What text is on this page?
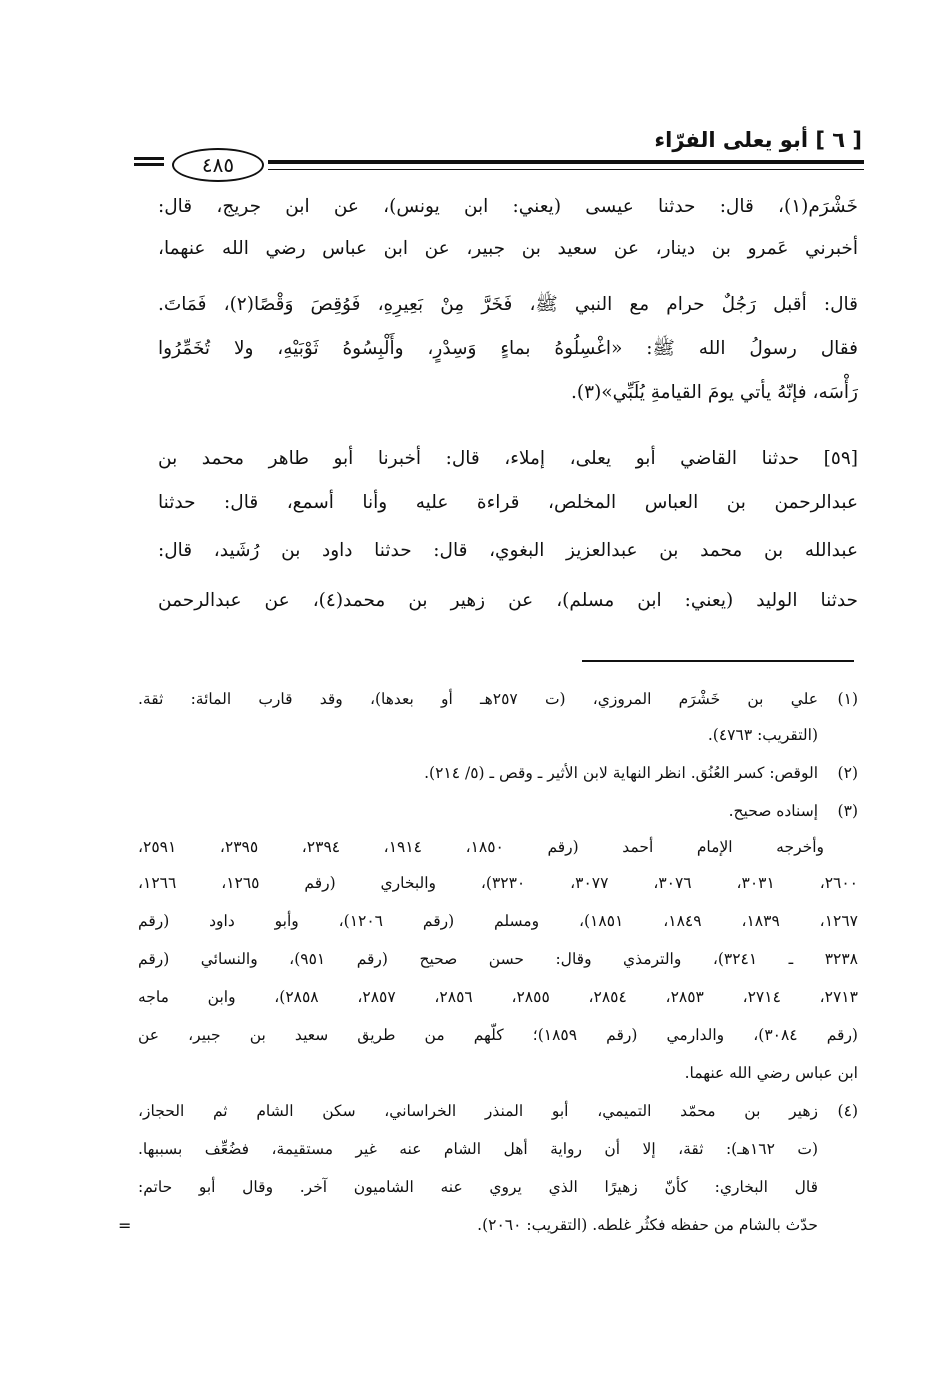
[ ٦ ] أبو يعلى الفرّاء
٤٨٥
خَشْرَم(١)، قال: حدثنا عيسى (يعني: ابن يونس)، عن ابن جريج، قال:
أخبرني عَمرو بن دينار، عن سعيد بن جبير، عن ابن عباس رضي الله عنهما،
قال: أقبل رَجُلٌ حرام مع النبي ﷺ، فَخَرَّ مِنْ بَعِيرِهِ، فَوُقِصَ وَقْصًا(٢)، فَمَاتَ.
فقال رسولُ الله ﷺ: «اغْسِلُوهُ بماءٍ وَسِدْرٍ، وأَلْبِسُوهُ ثَوْبَيْهِ، ولا تُخَمِّرُوا
رَأْسَه، فإنّهُ يأتي يومَ القيامةِ يُلَبِّي»(٣).
[٥٩] حدثنا القاضي أبو يعلى، إملاء، قال: أخبرنا أبو طاهر محمد بن
عبدالرحمن بن العباس المخلص، قراءة عليه وأنا أسمع، قال: حدثنا
عبدالله بن محمد بن عبدالعزيز البغوي، قال: حدثنا داود بن رُشَيد، قال:
حدثنا الوليد (يعني: ابن مسلم)، عن زهير بن محمد(٤)، عن عبدالرحمن
(١)
علي بن خَشْرَم المروزي، (ت ٢٥٧هـ أو بعدها)، وقد قارب المائة: ثقة.
(التقريب: ٤٧٦٣).
(٢)
الوقص: كسر العُنُق. انظر النهاية لابن الأثير ـ وقص ـ (٥/ ٢١٤).
(٣)
إسناده صحيح.
وأخرجه الإمام أحمد (رقم ١٨٥٠، ١٩١٤، ٢٣٩٤، ٢٣٩٥، ٢٥٩١،
٢٦٠٠، ٣٠٣١، ٣٠٧٦، ٣٠٧٧، ٣٢٣٠)، والبخاري (رقم ١٢٦٥، ١٢٦٦،
١٢٦٧، ١٨٣٩، ١٨٤٩، ١٨٥١)، ومسلم (رقم ١٢٠٦)، وأبو داود (رقم
٣٢٣٨ ـ ٣٢٤١)، والترمذي وقال: حسن صحيح (رقم ٩٥١)، والنسائي (رقم
٢٧١٣، ٢٧١٤، ٢٨٥٣، ٢٨٥٤، ٢٨٥٥، ٢٨٥٦، ٢٨٥٧، ٢٨٥٨)، وابن ماجه
(رقم ٣٠٨٤)، والدارمي (رقم ١٨٥٩)؛ كلّهم من طريق سعيد بن جبير، عن
ابن عباس رضي الله عنهما.
(٤)
زهير بن محمّد التميمي، أبو المنذر الخراساني، سكن الشام ثم الحجاز،
(ت ١٦٢هـ): ثقة، إلا أن رواية أهل الشام عنه غير مستقيمة، فضُعِّف بسببها.
قال البخاري: كأنّ زهيرًا الذي يروي عنه الشاميون آخر. وقال أبو حاتم:
حدّث بالشام من حفظه فكثُر غلطه. (التقريب: ٢٠٦٠).
=
